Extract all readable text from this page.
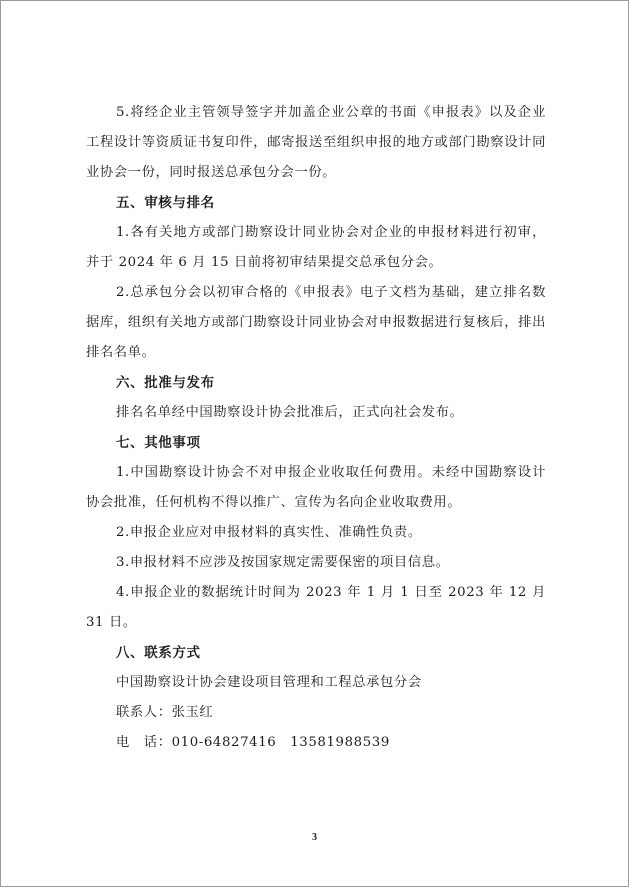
5.将经企业主管领导签字并加盖企业公章的书面《申报表》以及企业工程设计等资质证书复印件，邮寄报送至组织申报的地方或部门勘察设计同业协会一份，同时报送总承包分会一份。

五、审核与排名

1.各有关地方或部门勘察设计同业协会对企业的申报材料进行初审，并于 2024 年 6 月 15 日前将初审结果提交总承包分会。

2.总承包分会以初审合格的《申报表》电子文档为基础，建立排名数据库，组织有关地方或部门勘察设计同业协会对申报数据进行复核后，排出排名名单。

六、批准与发布

排名名单经中国勘察设计协会批准后，正式向社会发布。

七、其他事项

1.中国勘察设计协会不对申报企业收取任何费用。未经中国勘察设计协会批准，任何机构不得以推广、宣传为名向企业收取费用。

2.申报企业应对申报材料的真实性、准确性负责。

3.申报材料不应涉及按国家规定需要保密的项目信息。

4.申报企业的数据统计时间为 2023 年 1 月 1 日至 2023 年 12 月 31 日。

八、联系方式

中国勘察设计协会建设项目管理和工程总承包分会

联系人：张玉红

电　话：010-64827416　13581988539

3
